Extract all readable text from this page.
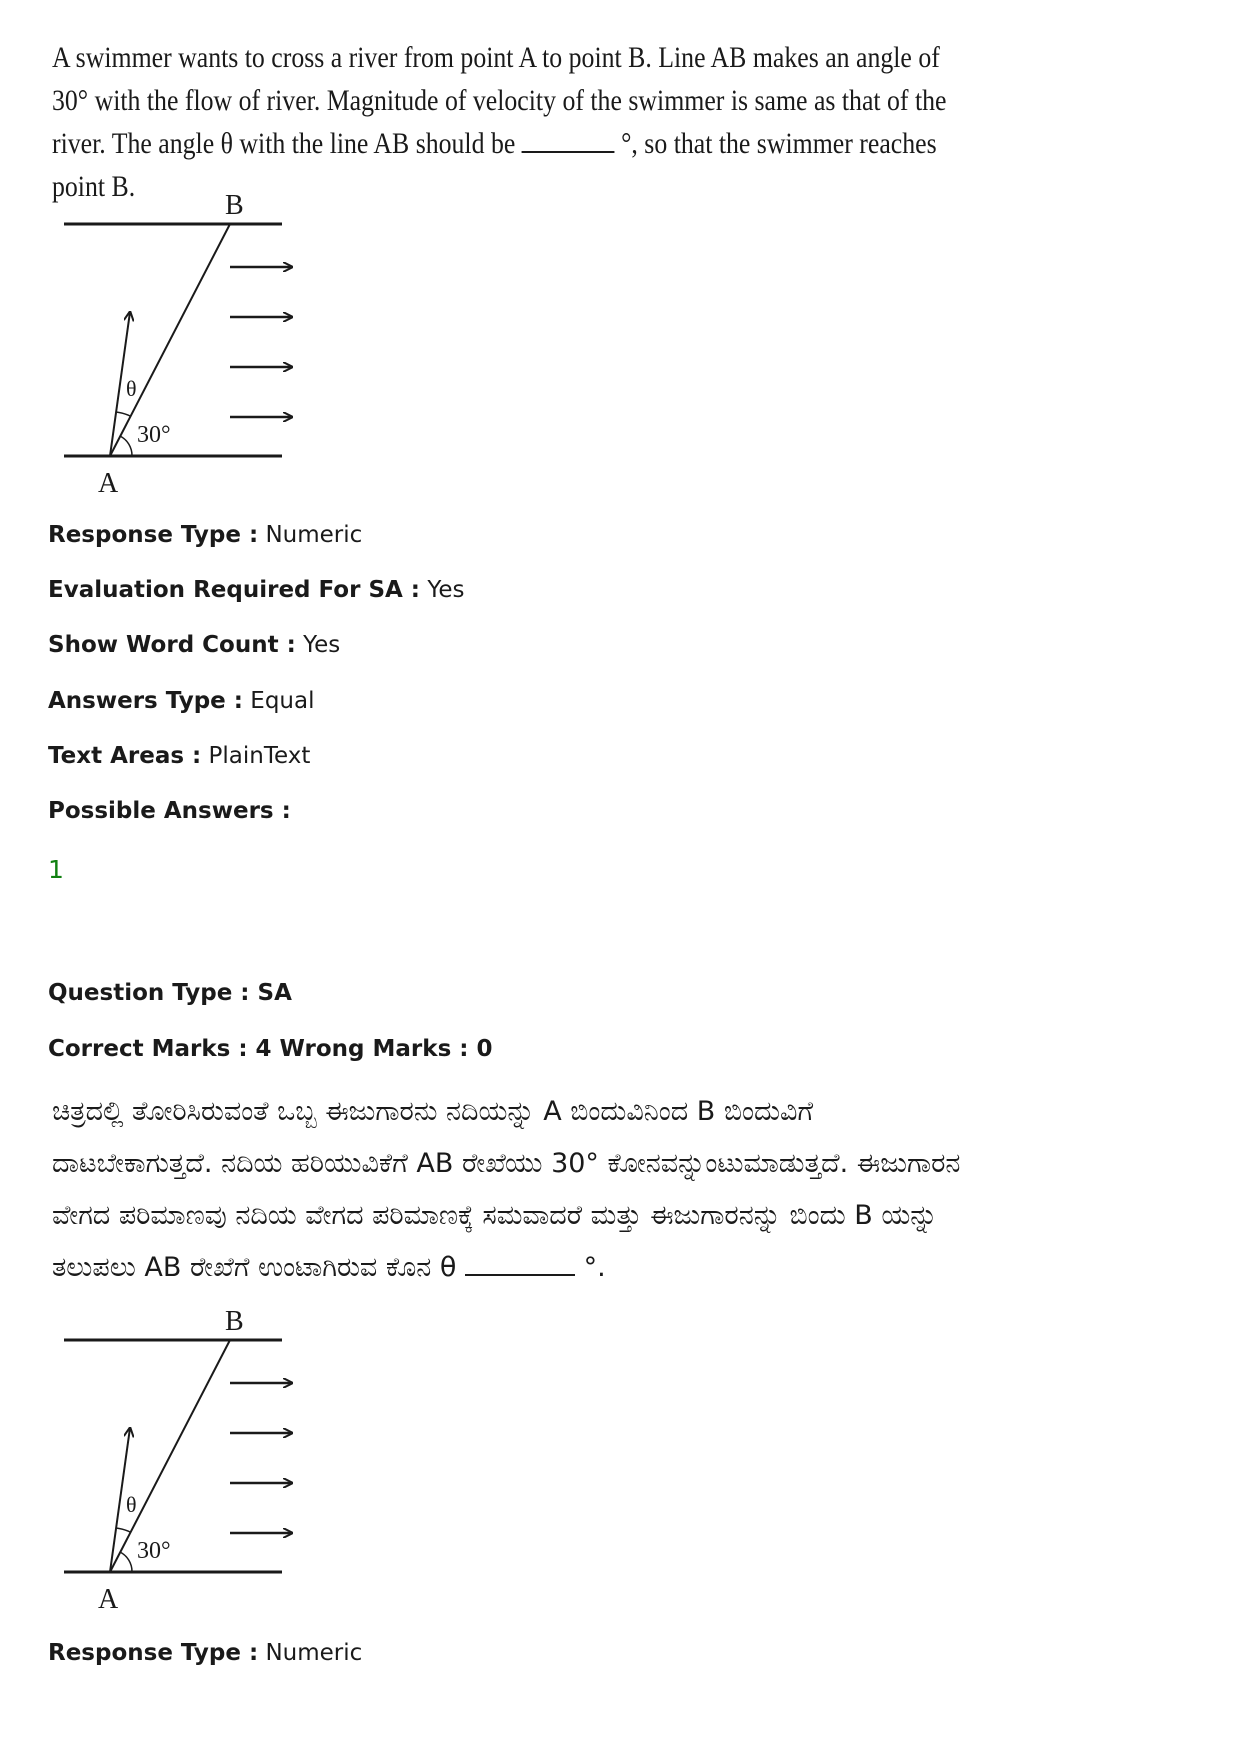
A swimmer wants to cross a river from point A to point B. Line AB makes an angle of 30° with the flow of river. Magnitude of velocity of the swimmer is same as that of the river. The angle θ with the line AB should be	°, so that the swimmer reaches point B.
B
A
θ
30°
Response Type : Numeric
Evaluation Required For SA : Yes
Show Word Count : Yes
Answers Type : Equal
Text Areas : PlainText
Possible Answers :
1
Question Type : SA
Correct Marks : 4 Wrong Marks : 0
ಚಿತ್ರದಲ್ಲಿ ತೋರಿಸಿರುವಂತೆ ಒಬ್ಬ ಈಜುಗಾರನು ನದಿಯನ್ನು A ಬಿಂದುವಿನಿಂದ B ಬಿಂದುವಿಗೆ ದಾಟಬೇಕಾಗುತ್ತದೆ. ನದಿಯ ಹರಿಯುವಿಕೆಗೆ AB ರೇಖೆಯು 30° ಕೋನವನ್ನುಂಟುಮಾಡುತ್ತದೆ. ಈಜುಗಾರನ ವೇಗದ ಪರಿಮಾಣವು ನದಿಯ ವೇಗದ ಪರಿಮಾಣಕ್ಕೆ ಸಮವಾದರೆ ಮತ್ತು ಈಜುಗಾರನನ್ನು ಬಿಂದು B ಯನ್ನು ತಲುಪಲು AB ರೇಖೆಗೆ ಉಂಟಾಗಿರುವ ಕೊನ θ	°.
B
A
θ
30°
Response Type : Numeric
